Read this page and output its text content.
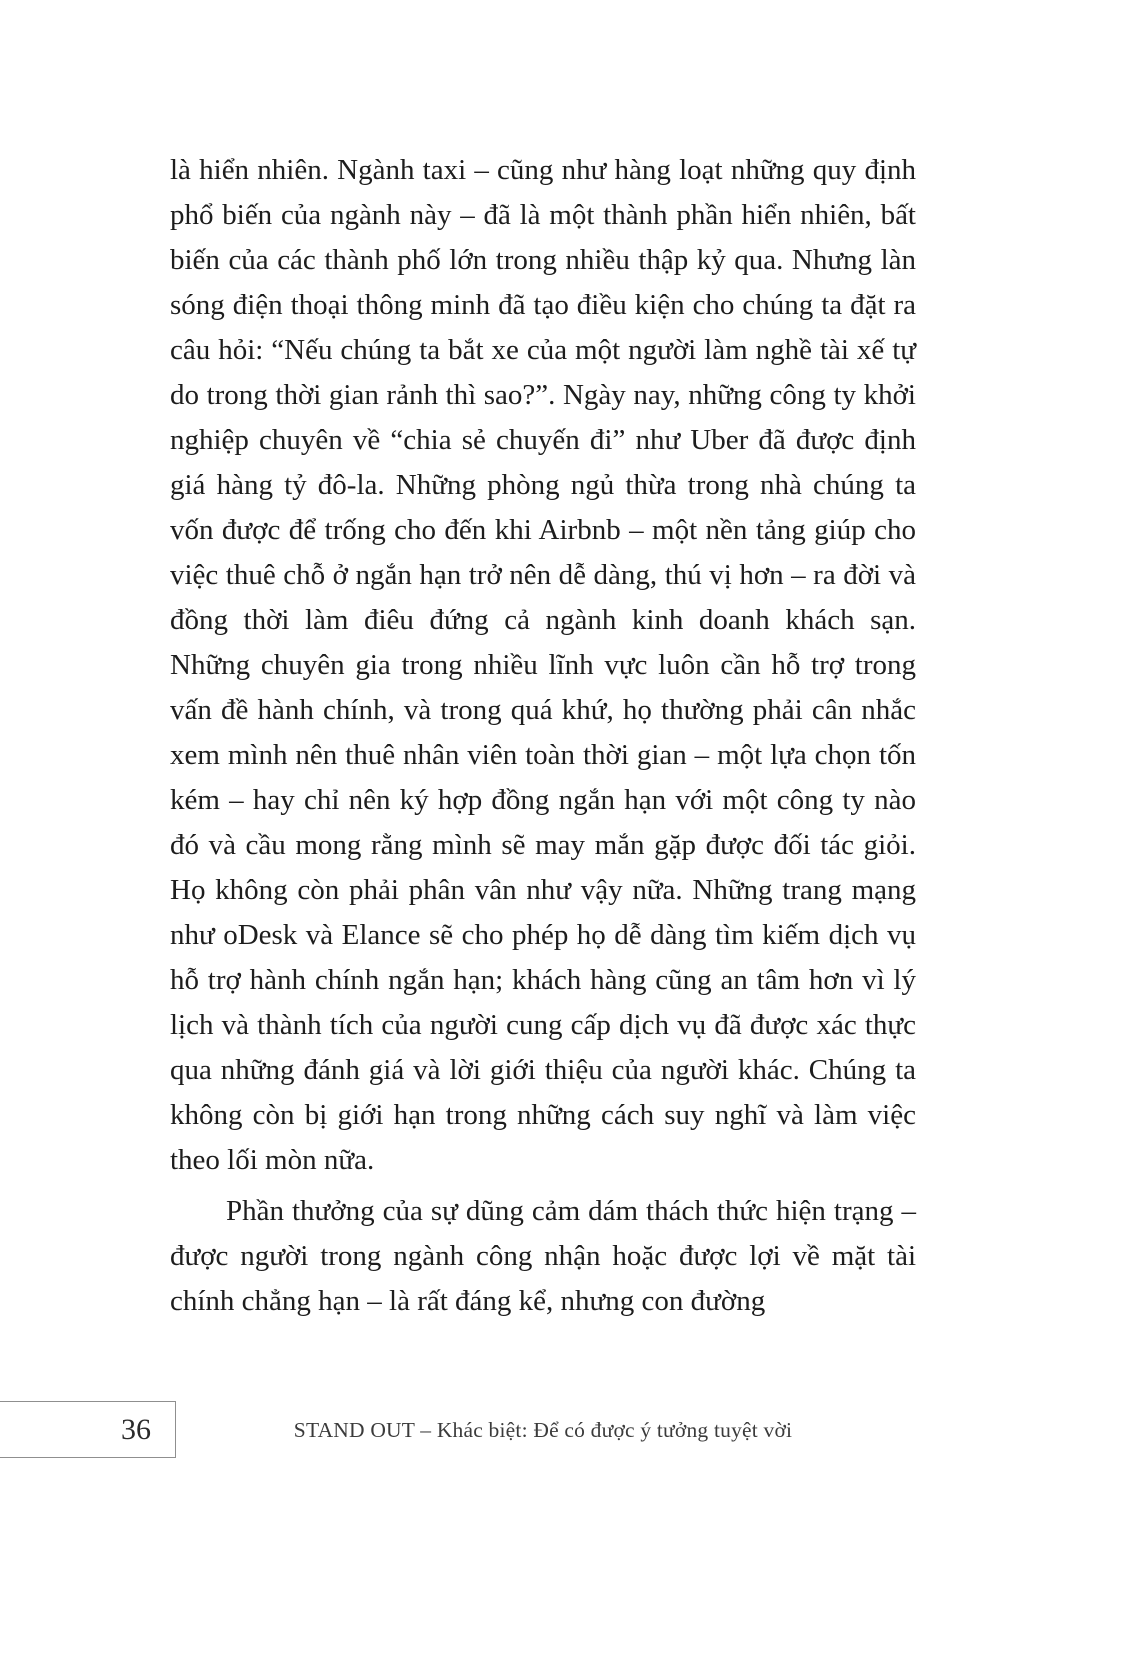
là hiển nhiên. Ngành taxi – cũng như hàng loạt những quy định phổ biến của ngành này – đã là một thành phần hiển nhiên, bất biến của các thành phố lớn trong nhiều thập kỷ qua. Nhưng làn sóng điện thoại thông minh đã tạo điều kiện cho chúng ta đặt ra câu hỏi: “Nếu chúng ta bắt xe của một người làm nghề tài xế tự do trong thời gian rảnh thì sao?”. Ngày nay, những công ty khởi nghiệp chuyên về “chia sẻ chuyến đi” như Uber đã được định giá hàng tỷ đô-la. Những phòng ngủ thừa trong nhà chúng ta vốn được để trống cho đến khi Airbnb – một nền tảng giúp cho việc thuê chỗ ở ngắn hạn trở nên dễ dàng, thú vị hơn – ra đời và đồng thời làm điêu đứng cả ngành kinh doanh khách sạn. Những chuyên gia trong nhiều lĩnh vực luôn cần hỗ trợ trong vấn đề hành chính, và trong quá khứ, họ thường phải cân nhắc xem mình nên thuê nhân viên toàn thời gian – một lựa chọn tốn kém – hay chỉ nên ký hợp đồng ngắn hạn với một công ty nào đó và cầu mong rằng mình sẽ may mắn gặp được đối tác giỏi. Họ không còn phải phân vân như vậy nữa. Những trang mạng như oDesk và Elance sẽ cho phép họ dễ dàng tìm kiếm dịch vụ hỗ trợ hành chính ngắn hạn; khách hàng cũng an tâm hơn vì lý lịch và thành tích của người cung cấp dịch vụ đã được xác thực qua những đánh giá và lời giới thiệu của người khác. Chúng ta không còn bị giới hạn trong những cách suy nghĩ và làm việc theo lối mòn nữa.

Phần thưởng của sự dũng cảm dám thách thức hiện trạng – được người trong ngành công nhận hoặc được lợi về mặt tài chính chẳng hạn – là rất đáng kể, nhưng con đường

36	STAND OUT – Khác biệt: Để có được ý tưởng tuyệt vời
